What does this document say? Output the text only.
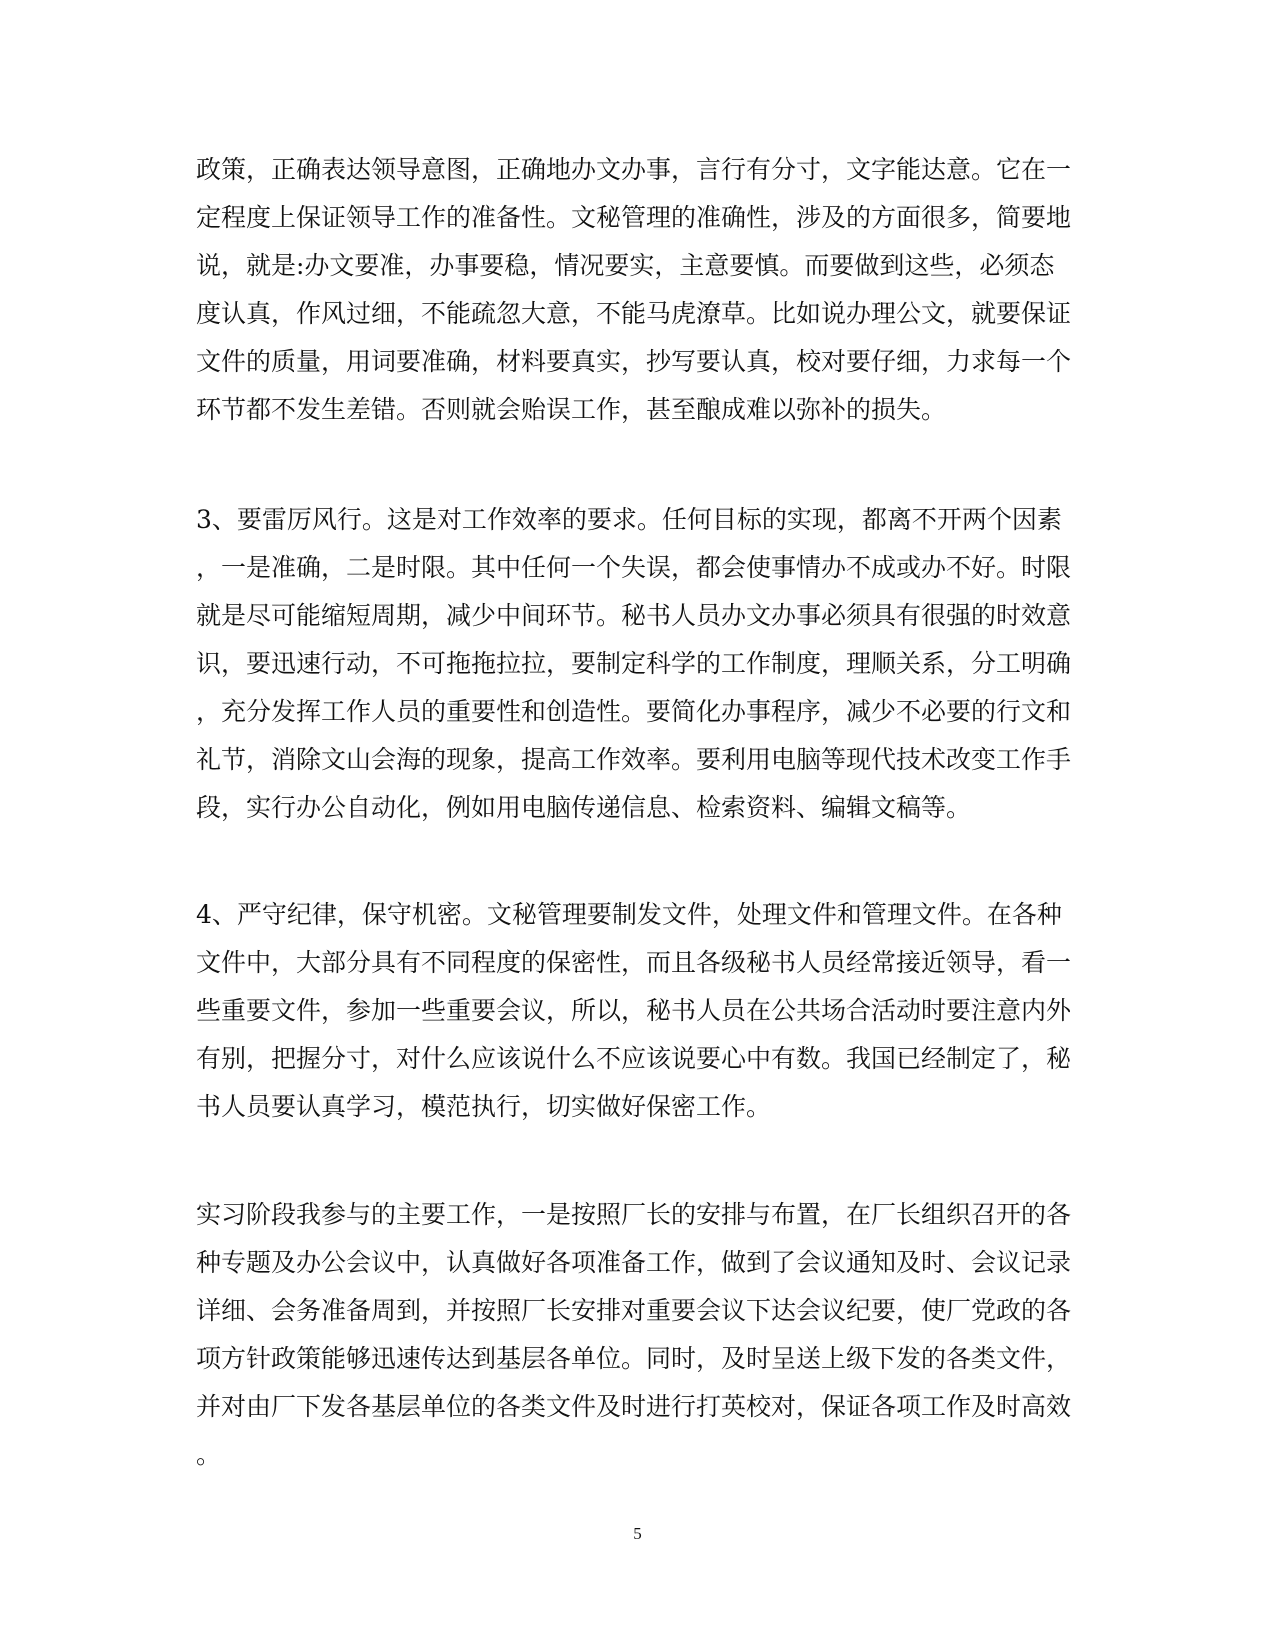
政策，正确表达领导意图，正确地办文办事，言行有分寸，文字能达意。它在一
定程度上保证领导工作的准备性。文秘管理的准确性，涉及的方面很多，简要地
说，就是:办文要准，办事要稳，情况要实，主意要慎。而要做到这些，必须态
度认真，作风过细，不能疏忽大意，不能马虎潦草。比如说办理公文，就要保证
文件的质量，用词要准确，材料要真实，抄写要认真，校对要仔细，力求每一个
环节都不发生差错。否则就会贻误工作，甚至酿成难以弥补的损失。
3、要雷厉风行。这是对工作效率的要求。任何目标的实现，都离不开两个因素
，一是准确，二是时限。其中任何一个失误，都会使事情办不成或办不好。时限
就是尽可能缩短周期，减少中间环节。秘书人员办文办事必须具有很强的时效意
识，要迅速行动，不可拖拖拉拉，要制定科学的工作制度，理顺关系，分工明确
，充分发挥工作人员的重要性和创造性。要简化办事程序，减少不必要的行文和
礼节，消除文山会海的现象，提高工作效率。要利用电脑等现代技术改变工作手
段，实行办公自动化，例如用电脑传递信息、检索资料、编辑文稿等。
4、严守纪律，保守机密。文秘管理要制发文件，处理文件和管理文件。在各种
文件中，大部分具有不同程度的保密性，而且各级秘书人员经常接近领导，看一
些重要文件，参加一些重要会议，所以，秘书人员在公共场合活动时要注意内外
有别，把握分寸，对什么应该说什么不应该说要心中有数。我国已经制定了，秘
书人员要认真学习，模范执行，切实做好保密工作。
实习阶段我参与的主要工作，一是按照厂长的安排与布置，在厂长组织召开的各
种专题及办公会议中，认真做好各项准备工作，做到了会议通知及时、会议记录
详细、会务准备周到，并按照厂长安排对重要会议下达会议纪要，使厂党政的各
项方针政策能够迅速传达到基层各单位。同时，及时呈送上级下发的各类文件，
并对由厂下发各基层单位的各类文件及时进行打英校对，保证各项工作及时高效
。
5
